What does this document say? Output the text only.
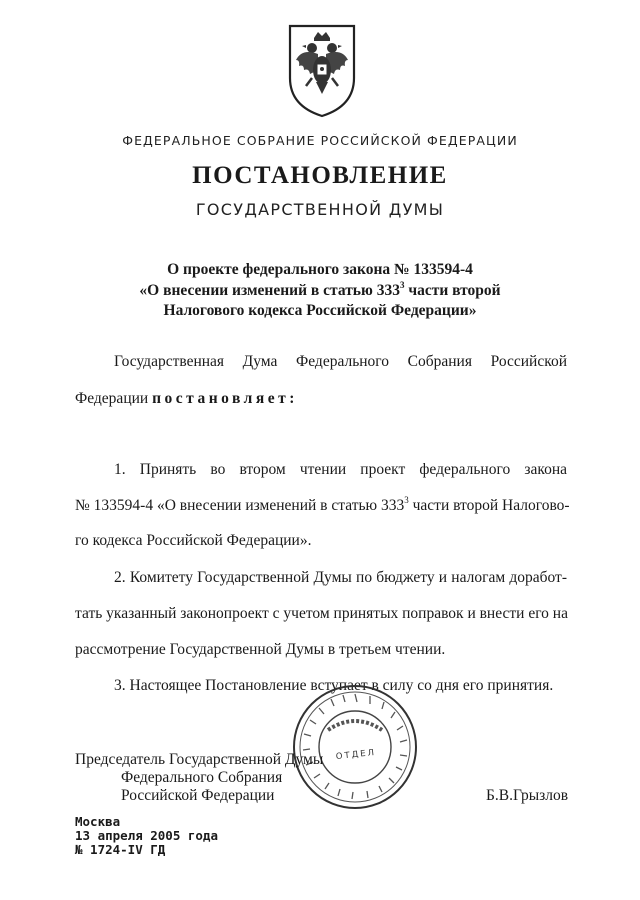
ФЕДЕРАЛЬНОЕ СОБРАНИЕ РОССИЙСКОЙ ФЕДЕРАЦИИ
ПОСТАНОВЛЕНИЕ
ГОСУДАРСТВЕННОЙ ДУМЫ
О проекте федерального закона № 133594-4
«О внесении изменений в статью $333^3$ части второй
Налогового кодекса Российской Федерации»
Государственная Дума Федерального Собрания Российской
Федерации постановляет:
1. Принять во втором чтении проект федерального закона
№ 133594-4 «О внесении изменений в статью $333^3$ части второй Налогово-
го кодекса Российской Федерации».
2. Комитету Государственной Думы по бюджету и налогам доработ-
тать указанный законопроект с учетом принятых поправок и внести его на
рассмотрение Государственной Думы в третьем чтении.
3. Настоящее Постановление вступает в силу со дня его принятия.
ОТДЕЛ
Председатель Государственной Думы
Федерального Собрания
Российской Федерации	Б.В.Грызлов
Москва
13 апреля 2005 года
№ 1724-IV ГД
